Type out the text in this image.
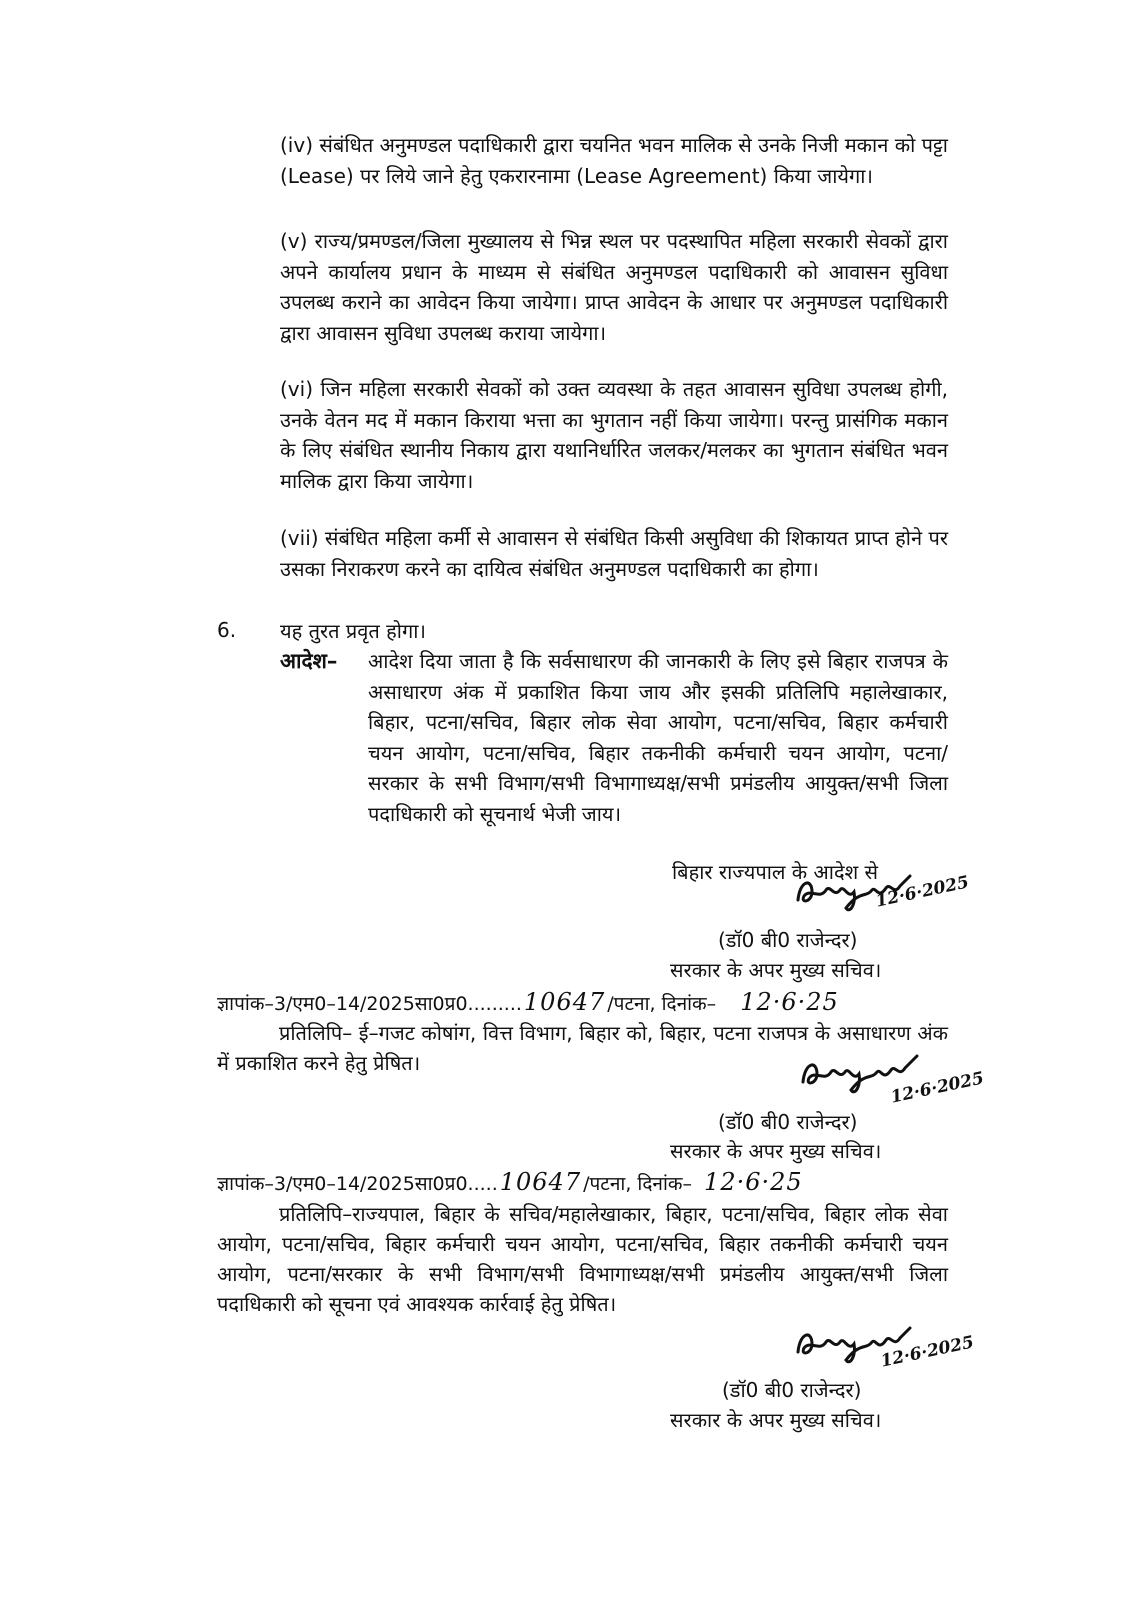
(iv) संबंधित अनुमण्डल पदाधिकारी द्वारा चयनित भवन मालिक से उनके निजी मकान को पट्टा (Lease) पर लिये जाने हेतु एकरारनामा (Lease Agreement) किया जायेगा।

(v) राज्य/प्रमण्डल/जिला मुख्यालय से भिन्न स्थल पर पदस्थापित महिला सरकारी सेवकों द्वारा अपने कार्यालय प्रधान के माध्यम से संबंधित अनुमण्डल पदाधिकारी को आवासन सुविधा उपलब्ध कराने का आवेदन किया जायेगा। प्राप्त आवेदन के आधार पर अनुमण्डल पदाधिकारी द्वारा आवासन सुविधा उपलब्ध कराया जायेगा।

(vi) जिन महिला सरकारी सेवकों को उक्त व्यवस्था के तहत आवासन सुविधा उपलब्ध होगी, उनके वेतन मद में मकान किराया भत्ता का भुगतान नहीं किया जायेगा। परन्तु प्रासंगिक मकान के लिए संबंधित स्थानीय निकाय द्वारा यथानिर्धारित जलकर/मलकर का भुगतान संबंधित भवन मालिक द्वारा किया जायेगा।

(vii) संबंधित महिला कर्मी से आवासन से संबंधित किसी असुविधा की शिकायत प्राप्त होने पर उसका निराकरण करने का दायित्व संबंधित अनुमण्डल पदाधिकारी का होगा।

6. यह तुरत प्रवृत होगा।
आदेश– आदेश दिया जाता है कि सर्वसाधारण की जानकारी के लिए इसे बिहार राजपत्र के असाधारण अंक में प्रकाशित किया जाय और इसकी प्रतिलिपि महालेखाकार, बिहार, पटना/सचिव, बिहार लोक सेवा आयोग, पटना/सचिव, बिहार कर्मचारी चयन आयोग, पटना/सचिव, बिहार तकनीकी कर्मचारी चयन आयोग, पटना/सरकार के सभी विभाग/सभी विभागाध्यक्ष/सभी प्रमंडलीय आयुक्त/सभी जिला पदाधिकारी को सूचनार्थ भेजी जाय।

बिहार राज्यपाल के आदेश से
12·6·2025
(डॉ0 बी0 राजेन्दर)
सरकार के अपर मुख्य सचिव।
ज्ञापांक–3/एम0–14/2025सा0प्र0.........10647 /पटना, दिनांक– 12·6·25

प्रतिलिपि– ई–गजट कोषांग, वित्त विभाग, बिहार को, बिहार, पटना राजपत्र के असाधारण अंक में प्रकाशित करने हेतु प्रेषित।

12·6·2025
(डॉ0 बी0 राजेन्दर)
सरकार के अपर मुख्य सचिव।
ज्ञापांक–3/एम0–14/2025सा0प्र0.....10647 /पटना, दिनांक– 12·6·25

प्रतिलिपि–राज्यपाल, बिहार के सचिव/महालेखाकार, बिहार, पटना/सचिव, बिहार लोक सेवा आयोग, पटना/सचिव, बिहार कर्मचारी चयन आयोग, पटना/सचिव, बिहार तकनीकी कर्मचारी चयन आयोग, पटना/सरकार के सभी विभाग/सभी विभागाध्यक्ष/सभी प्रमंडलीय आयुक्त/सभी जिला पदाधिकारी को सूचना एवं आवश्यक कार्रवाई हेतु प्रेषित।

12·6·2025
(डॉ0 बी0 राजेन्दर)
सरकार के अपर मुख्य सचिव।
